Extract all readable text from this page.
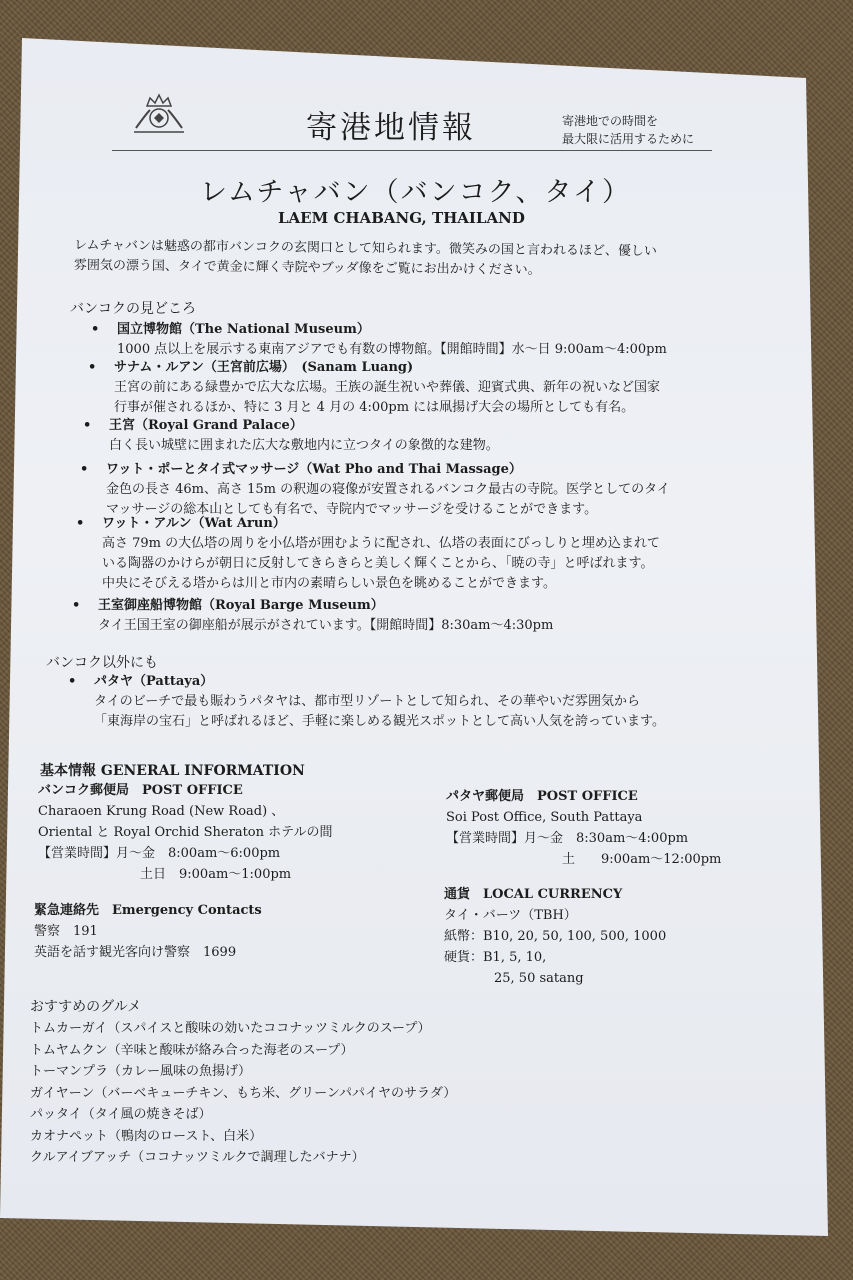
寄港地情報	寄港地での時間を
最大限に活用するために
レムチャバン（バンコク、タイ）
LAEM CHABANG, THAILAND
レムチャバンは魅惑の都市バンコクの玄関口として知られます。微笑みの国と言われるほど、優しい
雰囲気の漂う国、タイで黄金に輝く寺院やブッダ像をご覧にお出かけください。
バンコクの見どころ
• 国立博物館（The National Museum）
1000 点以上を展示する東南アジアでも有数の博物館。【開館時間】水〜日 9:00am〜4:00pm
• サナム・ルアン（王宮前広場）　(Sanam Luang)
王宮の前にある緑豊かで広大な広場。王族の誕生祝いや葬儀、迎賓式典、新年の祝いなど国家
行事が催されるほか、特に 3 月と 4 月の 4:00pm には凧揚げ大会の場所としても有名。
• 王宮（Royal Grand Palace）
白く長い城壁に囲まれた広大な敷地内に立つタイの象徴的な建物。
• ワット・ポーとタイ式マッサージ（Wat Pho and Thai Massage）
金色の長さ 46m、高さ 15m の釈迦の寝像が安置されるバンコク最古の寺院。医学としてのタイ
マッサージの総本山としても有名で、寺院内でマッサージを受けることができます。
• ワット・アルン（Wat Arun）
高さ 79m の大仏塔の周りを小仏塔が囲むように配され、仏塔の表面にびっしりと埋め込まれて
いる陶器のかけらが朝日に反射してきらきらと美しく輝くことから、「暁の寺」と呼ばれます。
中央にそびえる塔からは川と市内の素晴らしい景色を眺めることができます。
• 王室御座船博物館（Royal Barge Museum）
タイ王国王室の御座船が展示がされています。【開館時間】8:30am〜4:30pm
バンコク以外にも
• パタヤ（Pattaya）
タイのビーチで最も賑わうパタヤは、都市型リゾートとして知られ、その華やいだ雰囲気から
「東海岸の宝石」と呼ばれるほど、手軽に楽しめる観光スポットとして高い人気を誇っています。
基本情報 GENERAL INFORMATION
バンコク郵便局　POST OFFICE
Charaoen Krung Road (New Road) 、
Oriental と Royal Orchid Sheraton ホテルの間
【営業時間】月〜金　8:00am〜6:00pm
土日　9:00am〜1:00pm
緊急連絡先　Emergency Contacts
警察　191
英語を話す観光客向け警察　1699
パタヤ郵便局　POST OFFICE
Soi Post Office, South Pattaya
【営業時間】月〜金　8:30am〜4:00pm
土　　9:00am〜12:00pm
通貨　LOCAL CURRENCY
タイ・バーツ（TBH）
紙幣：B10, 20, 50, 100, 500, 1000
硬貨：B1, 5, 10,
25, 50 satang
おすすめのグルメ
トムカーガイ（スパイスと酸味の効いたココナッツミルクのスープ）
トムヤムクン（辛味と酸味が絡み合った海老のスープ）
トーマンプラ（カレー風味の魚揚げ）
ガイヤーン（バーベキューチキン、もち米、グリーンパパイヤのサラダ）
パッタイ（タイ風の焼きそば）
カオナペット（鴨肉のロースト、白米）
クルアイブアッチ（ココナッツミルクで調理したバナナ）
